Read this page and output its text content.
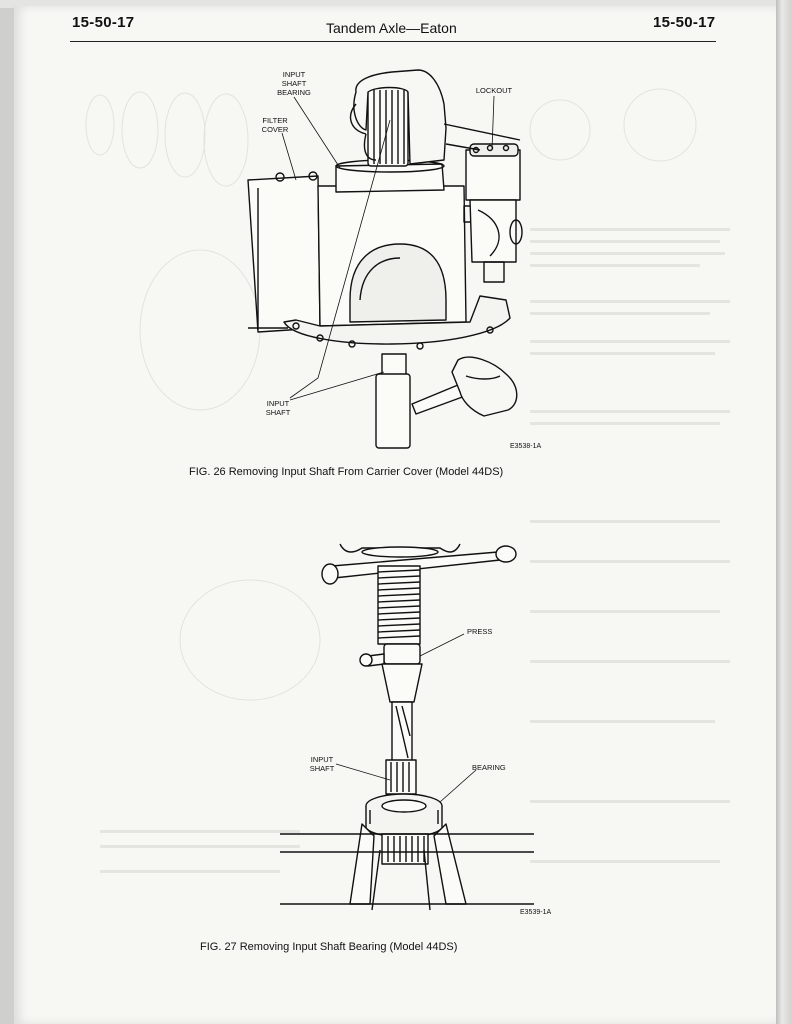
15-50-17	Tandem Axle—Eaton	15-50-17
INPUT
SHAFT
BEARING
FILTER
COVER
LOCKOUT
INPUT
SHAFT
E3538-1A
FIG. 26 Removing Input Shaft From Carrier Cover (Model 44DS)
PRESS
INPUT
SHAFT	BEARING
E3539-1A
FIG. 27 Removing Input Shaft Bearing (Model 44DS)
